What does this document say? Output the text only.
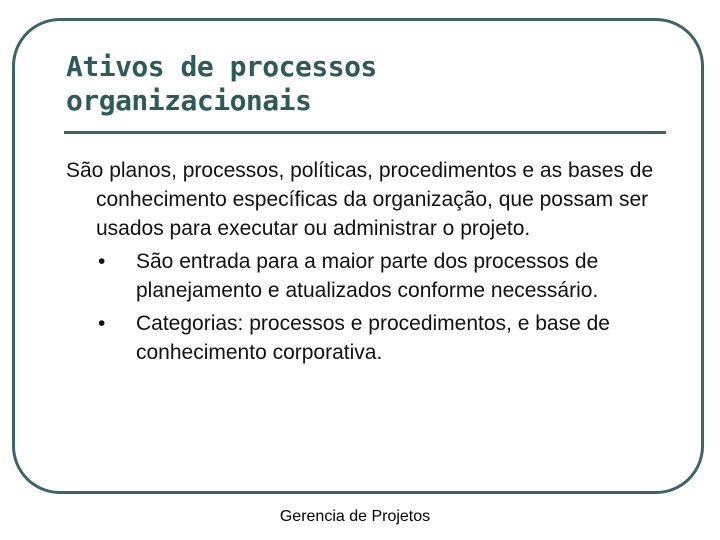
Ativos de processos
organizacionais

São planos, processos, políticas, procedimentos e as bases de conhecimento específicas da organização, que possam ser usados para executar ou administrar o projeto.

• São entrada para a maior parte dos processos de planejamento e atualizados conforme necessário.
• Categorias: processos e procedimentos, e base de conhecimento corporativa.
Gerencia de Projetos
